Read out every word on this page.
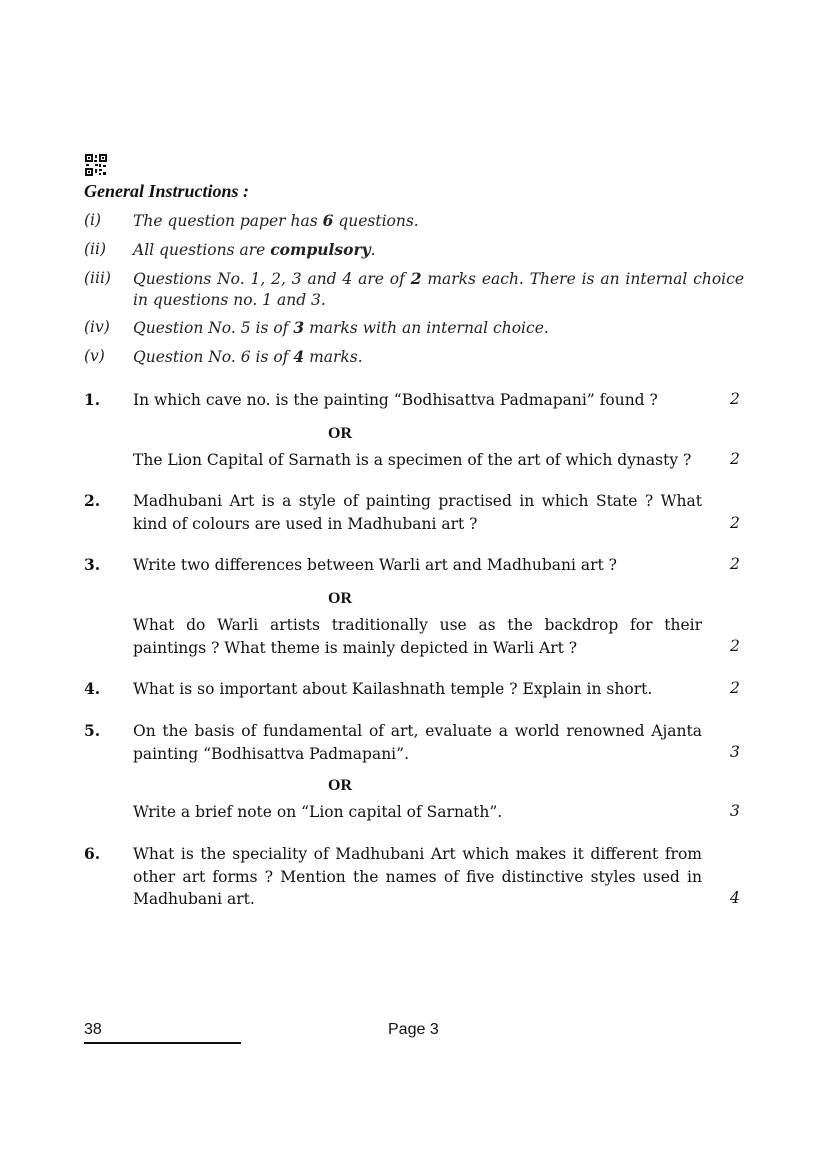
General Instructions :
(i)	The question paper has 6 questions.
(ii)	All questions are compulsory.
(iii)	Questions No. 1, 2, 3 and 4 are of 2 marks each. There is an internal choice in questions no. 1 and 3.
(iv)	Question No. 5 is of 3 marks with an internal choice.
(v)	Question No. 6 is of 4 marks.
1. In which cave no. is the painting “Bodhisattva Padmapani” found ?	2
OR
The Lion Capital of Sarnath is a specimen of the art of which dynasty ?	2
2. Madhubani Art is a style of painting practised in which State ? What kind of colours are used in Madhubani art ?	2
3. Write two differences between Warli art and Madhubani art ?	2
OR
What do Warli artists traditionally use as the backdrop for their paintings ? What theme is mainly depicted in Warli Art ?	2
4. What is so important about Kailashnath temple ? Explain in short.	2
5. On the basis of fundamental of art, evaluate a world renowned Ajanta painting “Bodhisattva Padmapani”.	3
OR
Write a brief note on “Lion capital of Sarnath”.	3
6. What is the speciality of Madhubani Art which makes it different from other art forms ? Mention the names of five distinctive styles used in Madhubani art.	4
38	Page 3
